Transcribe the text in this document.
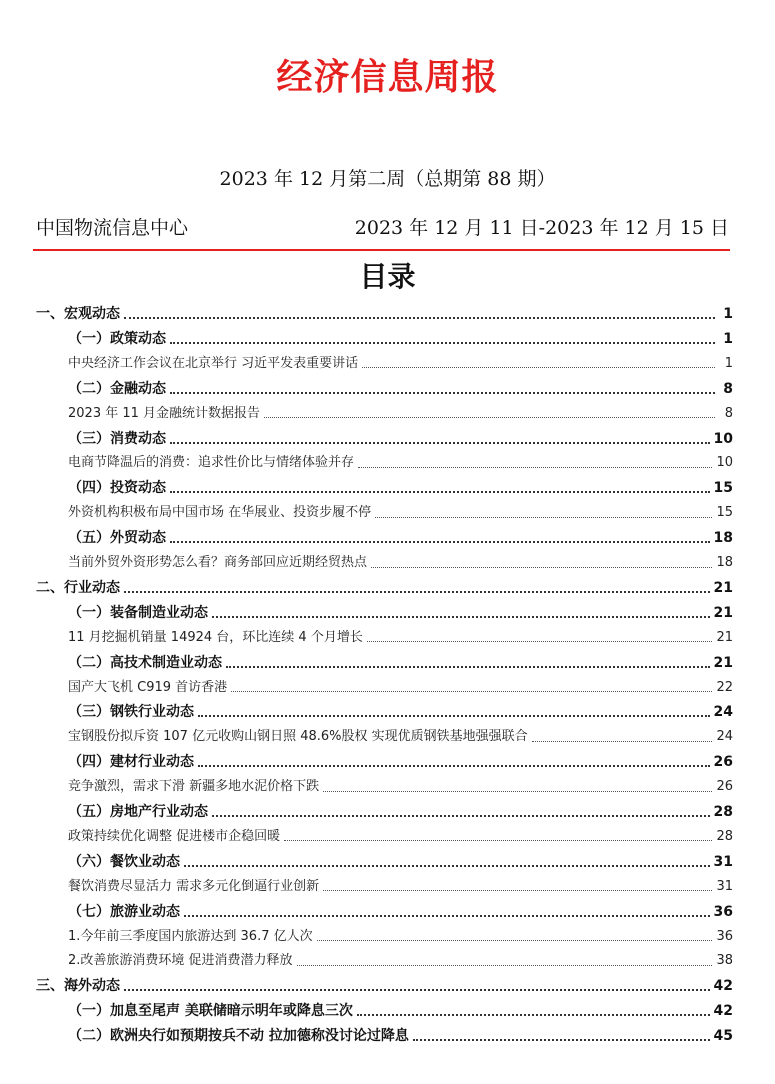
经济信息周报
2023 年 12 月第二周（总期第 88 期）
中国物流信息中心	2023 年 12 月 11 日-2023 年 12 月 15 日
目录
一、宏观动态	1
（一）政策动态	1
中央经济工作会议在北京举行 习近平发表重要讲话	1
（二）金融动态	8
2023 年 11 月金融统计数据报告	8
（三）消费动态	10
电商节降温后的消费：追求性价比与情绪体验并存	10
（四）投资动态	15
外资机构积极布局中国市场 在华展业、投资步履不停	15
（五）外贸动态	18
当前外贸外资形势怎么看？商务部回应近期经贸热点	18
二、行业动态	21
（一）装备制造业动态	21
11 月挖掘机销量 14924 台，环比连续 4 个月增长	21
（二）高技术制造业动态	21
国产大飞机 C919 首访香港	22
（三）钢铁行业动态	24
宝钢股份拟斥资 107 亿元收购山钢日照 48.6%股权 实现优质钢铁基地强强联合	24
（四）建材行业动态	26
竞争激烈，需求下滑 新疆多地水泥价格下跌	26
（五）房地产行业动态	28
政策持续优化调整 促进楼市企稳回暖	28
（六）餐饮业动态	31
餐饮消费尽显活力 需求多元化倒逼行业创新	31
（七）旅游业动态	36
1.今年前三季度国内旅游达到 36.7 亿人次	36
2.改善旅游消费环境 促进消费潜力释放	38
三、海外动态	42
（一）加息至尾声 美联储暗示明年或降息三次	42
（二）欧洲央行如预期按兵不动 拉加德称没讨论过降息	45
